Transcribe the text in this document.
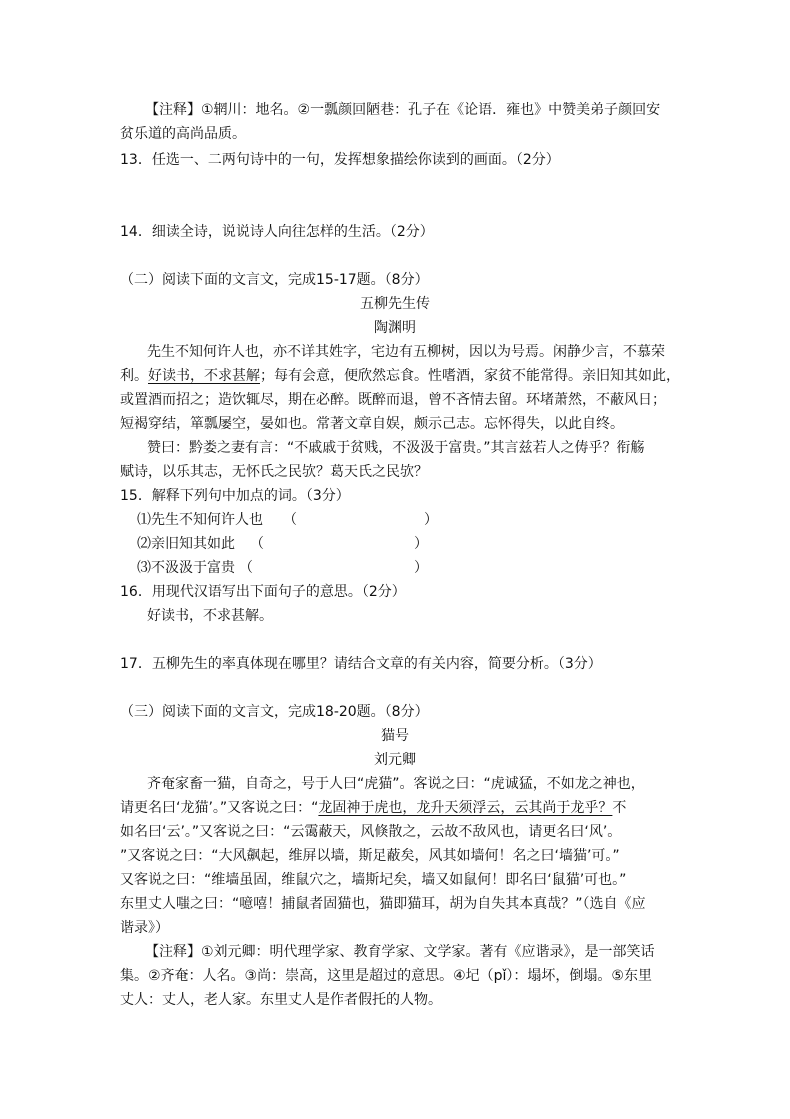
【注释】①辋川：地名。②一瓢颜回陋巷：孔子在《论语．雍也》中赞美弟子颜回安
贫乐道的高尚品质。
13．任选一、二两句诗中的一句，发挥想象描绘你读到的画面。（2分）
14．细读全诗，说说诗人向往怎样的生活。（2分）
（二）阅读下面的文言文，完成15-17题。（8分）
五柳先生传
陶渊明
先生不知何许人也，亦不详其姓字，宅边有五柳树，因以为号焉。闲静少言，不慕荣
利。好读书，不求甚解；每有会意，便欣然忘食。性嗜酒，家贫不能常得。亲旧知其如此，
或置酒而招之；造饮辄尽，期在必醉。既醉而退，曾不吝情去留。环堵萧然，不蔽风日；
短褐穿结，箪瓢屡空，晏如也。常著文章自娱，颇示己志。忘怀得失，以此自终。
赞曰：黔娄之妻有言：“不戚戚于贫贱，不汲汲于富贵。”其言兹若人之俦乎？衔觞
赋诗，以乐其志，无怀氏之民欤？葛天氏之民欤？
15．解释下列句中加点的词。（3分）
⑴先生不知何许人也 （	）
⑵亲旧知其如此 （	）
⑶不汲汲于富贵 （	）
16．用现代汉语写出下面句子的意思。（2分）
好读书，不求甚解。
17．五柳先生的率真体现在哪里？请结合文章的有关内容，简要分析。（3分）
（三）阅读下面的文言文，完成18-20题。（8分）
猫号
刘元卿
齐奄家畜一猫，自奇之，号于人曰“虎猫”。客说之曰：“虎诚猛，不如龙之神也，
请更名曰‘龙猫’。”又客说之曰：“龙固神于虎也，龙升天须浮云，云其尚于龙乎？不
如名曰‘云’。”又客说之曰：“云霭蔽天，风倏散之，云故不敌风也，请更名曰‘风’。
”又客说之曰：“大风飙起，维屏以墙，斯足蔽矣，风其如墙何！名之曰‘墙猫’可。”
又客说之曰：“维墙虽固，维鼠穴之，墙斯圮矣，墙又如鼠何！即名曰‘鼠猫’可也。”
东里丈人嗤之曰：“噫嘻！捕鼠者固猫也，猫即猫耳，胡为自失其本真哉？”（选自《应
谐录》）
【注释】①刘元卿：明代理学家、教育学家、文学家。著有《应谐录》，是一部笑话
集。②齐奄：人名。③尚：崇高，这里是超过的意思。④圮（pǐ）：塌坏，倒塌。⑤东里
丈人：丈人，老人家。东里丈人是作者假托的人物。
